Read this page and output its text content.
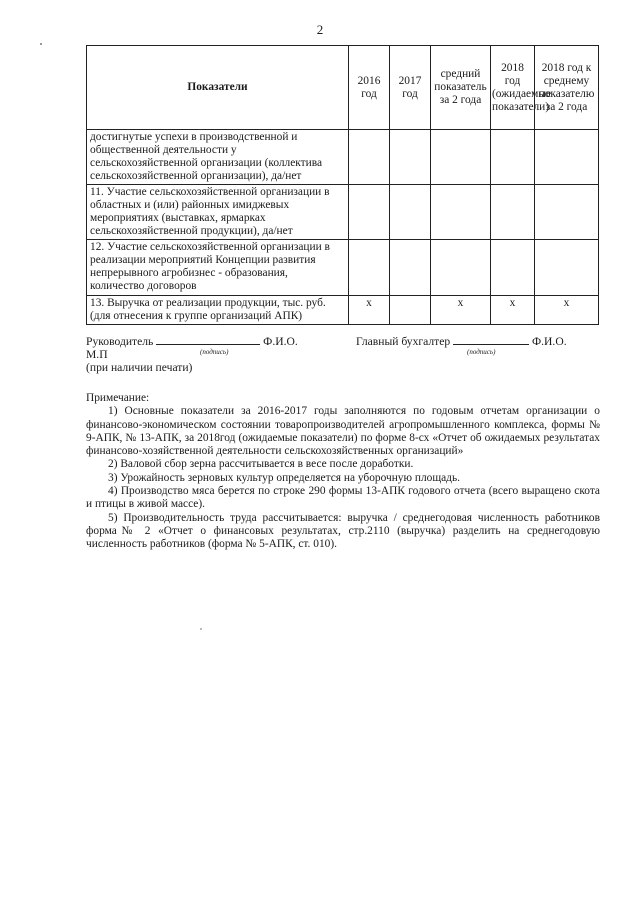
2
Показатели	2016 год	2017 год	средний показатель за 2 года	2018 год (ожидаемые показатели)	2018 год к среднему показателю за 2 года
достигнутые успехи в производственной и общественной деятельности у сельскохозяйственной организации (коллектива сельскохозяйственной организации), да/нет					
11. Участие сельскохозяйственной организации в областных и (или) районных имиджевых мероприятиях (выставках, ярмарках сельскохозяйственной продукции), да/нет					
12. Участие сельскохозяйственной организации в реализации мероприятий Концепции развития непрерывного агробизнес - образования, количество договоров					
13. Выручка от реализации продукции, тыс. руб. (для отнесения к группе организаций АПК)	х		х	х	х
Руководитель	Ф.И.О.
(подпись)
Главный бухгалтер	Ф.И.О.
(подпись)
М.П
(при наличии печати)

Примечание:

1) Основные показатели за 2016-2017 годы заполняются по годовым отчетам организации о финансово-экономическом состоянии товаропроизводителей агропромышленного комплекса, формы № 9-АПК, № 13-АПК, за 2018год (ожидаемые показатели) по форме 8-сх «Отчет об ожидаемых результатах финансово-хозяйственной деятельности сельскохозяйственных организаций»

2) Валовой сбор зерна рассчитывается в весе после доработки.

3) Урожайность зерновых культур определяется на уборочную площадь.

4) Производство мяса берется по строке 290 формы 13-АПК годового отчета (всего выращено скота и птицы в живой массе).

5) Производительность труда рассчитывается: выручка / среднегодовая численность работников форма№ 2 «Отчет о финансовых результатах, стр.2110 (выручка) разделить на среднегодовую численность работников (форма № 5-АПК, ст. 010).
